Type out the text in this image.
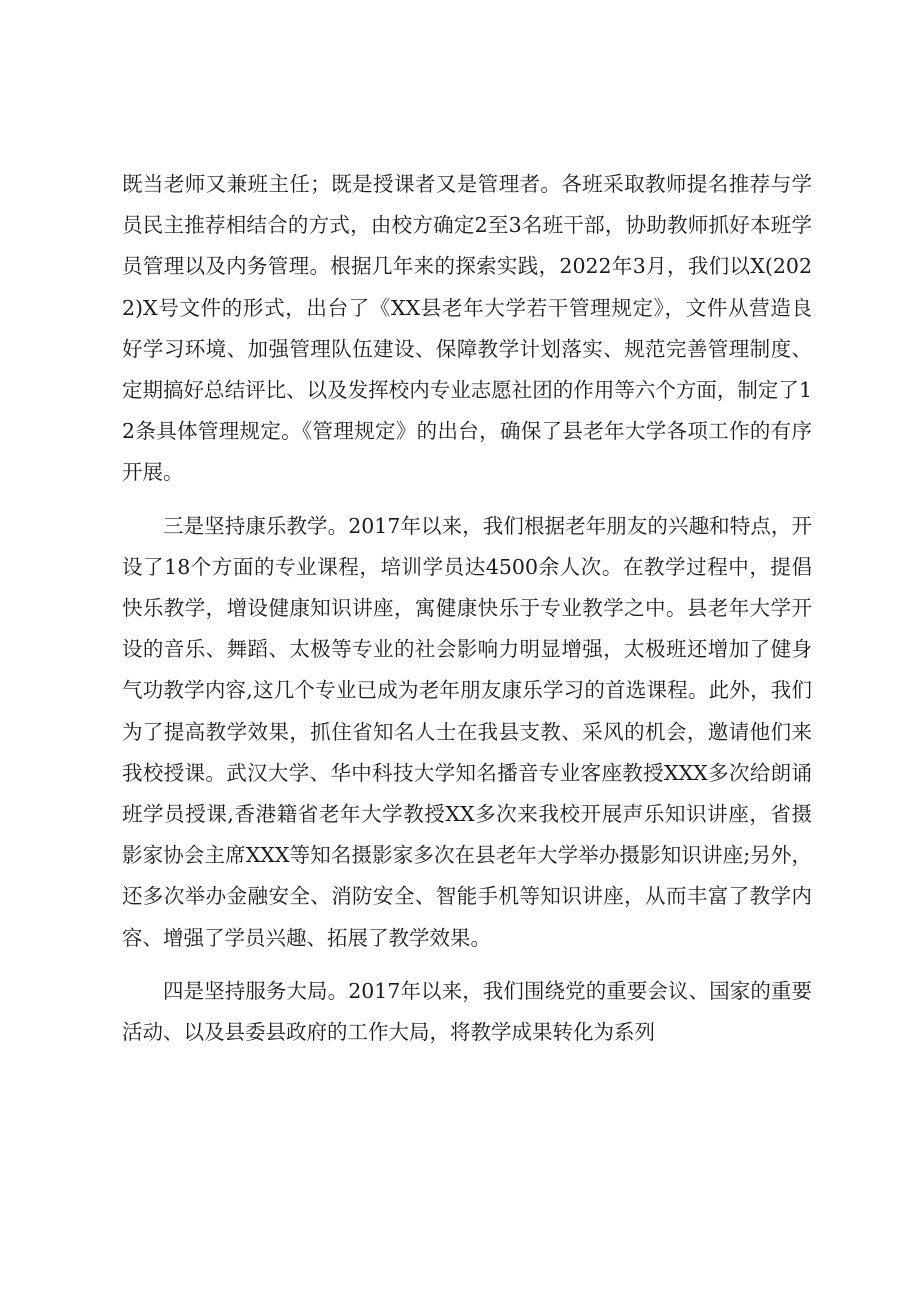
既当老师又兼班主任；既是授课者又是管理者。各班采取教师提名推荐与学员民主推荐相结合的方式，由校方确定2至3名班干部，协助教师抓好本班学员管理以及内务管理。根据几年来的探索实践，2022年3月，我们以X(2022)X号文件的形式，出台了《XX县老年大学若干管理规定》，文件从营造良好学习环境、加强管理队伍建设、保障教学计划落实、规范完善管理制度、定期搞好总结评比、以及发挥校内专业志愿社团的作用等六个方面，制定了12条具体管理规定。《管理规定》的出台，确保了县老年大学各项工作的有序开展。

三是坚持康乐教学。2017年以来，我们根据老年朋友的兴趣和特点，开设了18个方面的专业课程，培训学员达4500余人次。在教学过程中，提倡快乐教学，增设健康知识讲座，寓健康快乐于专业教学之中。县老年大学开设的音乐、舞蹈、太极等专业的社会影响力明显增强，太极班还增加了健身气功教学内容,这几个专业已成为老年朋友康乐学习的首选课程。此外，我们为了提高教学效果，抓住省知名人士在我县支教、采风的机会，邀请他们来我校授课。武汉大学、华中科技大学知名播音专业客座教授XXX多次给朗诵班学员授课,香港籍省老年大学教授XX多次来我校开展声乐知识讲座，省摄影家协会主席XXX等知名摄影家多次在县老年大学举办摄影知识讲座;另外，还多次举办金融安全、消防安全、智能手机等知识讲座，从而丰富了教学内容、增强了学员兴趣、拓展了教学效果。

四是坚持服务大局。2017年以来，我们围绕党的重要会议、国家的重要活动、以及县委县政府的工作大局，将教学成果转化为系列
